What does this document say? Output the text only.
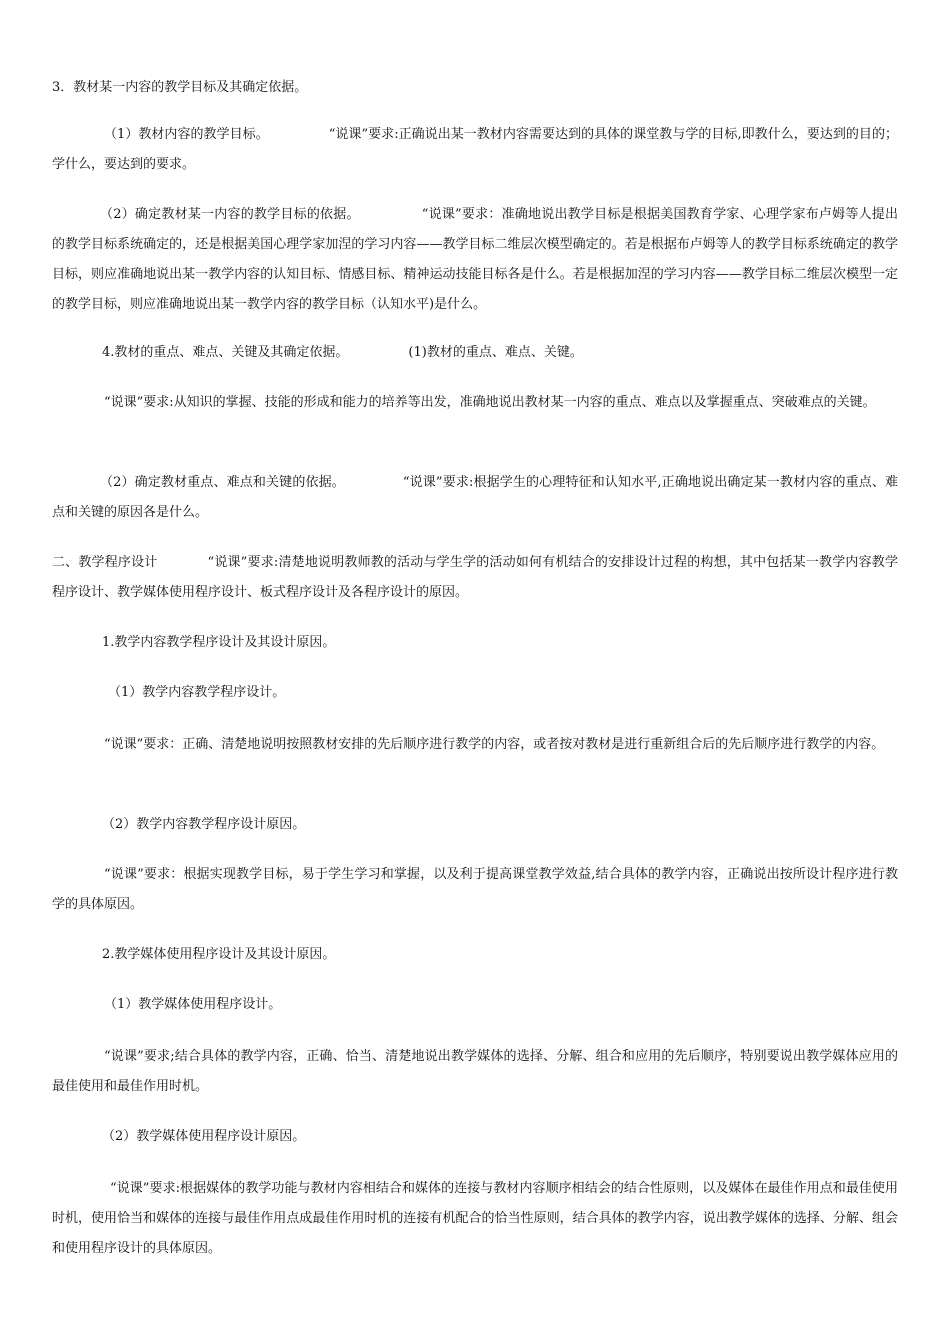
3．教材某一内容的教学目标及其确定依据。

（1）教材内容的教学目标。	“说课”要求:正确说出某一教材内容需要达到的具体的课堂教与学的目标,即教什么，要达到的目的；学什么，要达到的要求。

（2）确定教材某一内容的教学目标的依据。	“说课”要求：准确地说出教学目标是根据美国教育学家、心理学家布卢姆等人提出的教学目标系统确定的，还是根据美国心理学家加涅的学习内容——教学目标二维层次模型确定的。若是根据布卢姆等人的教学目标系统确定的教学目标，则应准确地说出某一教学内容的认知目标、情感目标、精神运动技能目标各是什么。若是根据加涅的学习内容——教学目标二维层次模型一定的教学目标，则应准确地说出某一教学内容的教学目标（认知水平)是什么。

4.教材的重点、难点、关键及其确定依据。	(1)教材的重点、难点、关键。

“说课”要求:从知识的掌握、技能的形成和能力的培养等出发，准确地说出教材某一内容的重点、难点以及掌握重点、突破难点的关键。

（2）确定教材重点、难点和关键的依据。	“说课”要求:根据学生的心理特征和认知水平,正确地说出确定某一教材内容的重点、难点和关键的原因各是什么。

二、教学程序设计	“说课”要求:清楚地说明教师教的活动与学生学的活动如何有机结合的安排设计过程的构想，其中包括某一教学内容教学程序设计、教学媒体使用程序设计、板式程序设计及各程序设计的原因。

1.教学内容教学程序设计及其设计原因。

（1）教学内容教学程序设计。

“说课”要求：正确、清楚地说明按照教材安排的先后顺序进行教学的内容，或者按对教材是进行重新组合后的先后顺序进行教学的内容。

（2）教学内容教学程序设计原因。

“说课”要求：根据实现教学目标，易于学生学习和掌握，以及利于提高课堂教学效益,结合具体的教学内容，正确说出按所设计程序进行教学的具体原因。

2.教学媒体使用程序设计及其设计原因。

（1）教学媒体使用程序设计。

“说课”要求;结合具体的教学内容，正确、恰当、清楚地说出教学媒体的选择、分解、组合和应用的先后顺序，特别要说出教学媒体应用的最佳使用和最佳作用时机。

（2）教学媒体使用程序设计原因。

“说课”要求:根据媒体的教学功能与教材内容相结合和媒体的连接与教材内容顺序相结会的结合性原则，以及媒体在最佳作用点和最佳使用时机，使用恰当和媒体的连接与最佳作用点成最佳作用时机的连接有机配合的恰当性原则，结合具体的教学内容，说出教学媒体的选择、分解、组会和使用程序设计的具体原因。
